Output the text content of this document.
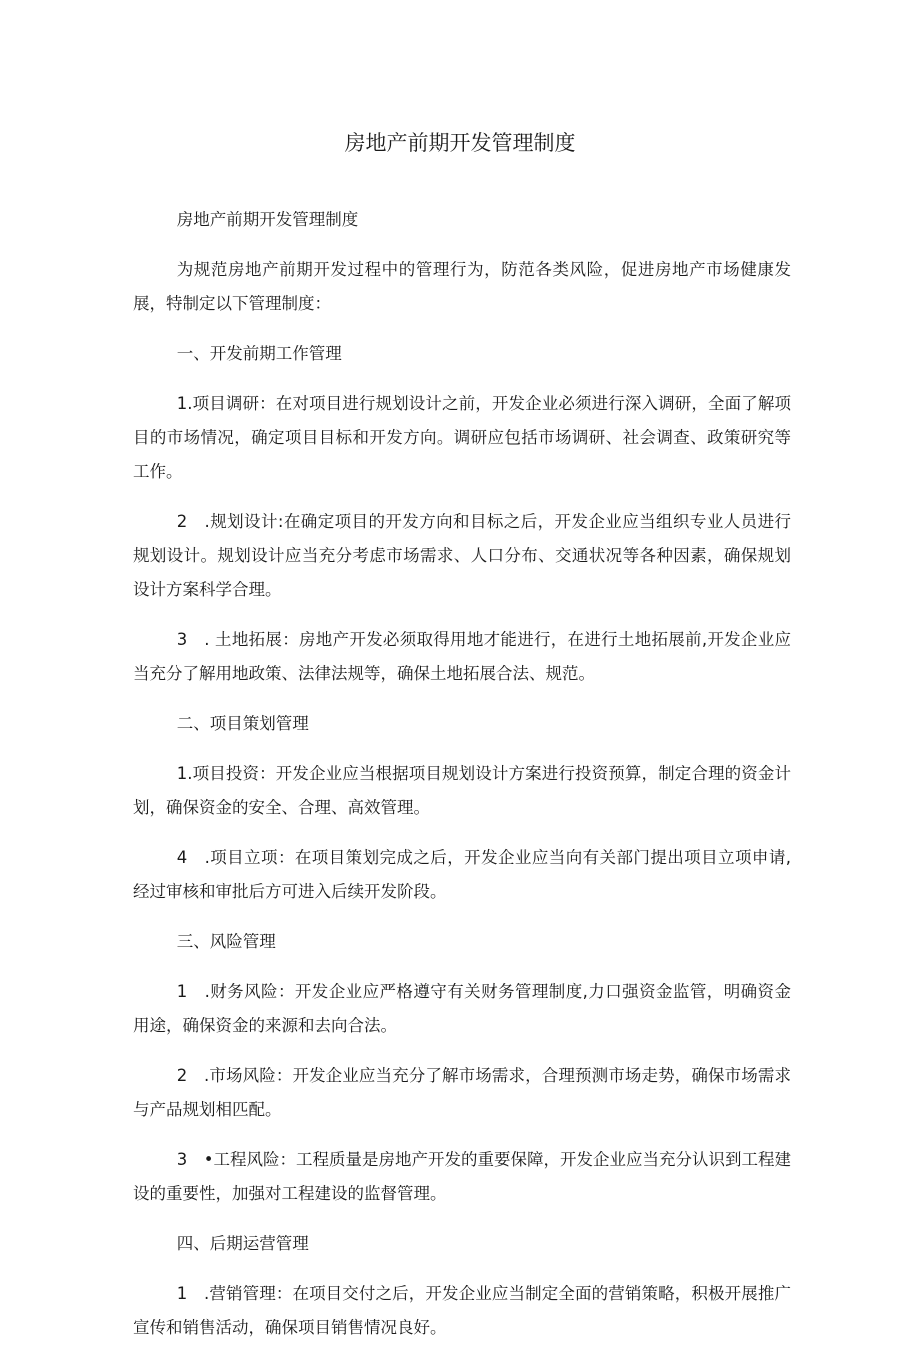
房地产前期开发管理制度

房地产前期开发管理制度

为规范房地产前期开发过程中的管理行为，防范各类风险，促进房地产市场健康发展，特制定以下管理制度：

一、开发前期工作管理

1.项目调研：在对项目进行规划设计之前，开发企业必须进行深入调研，全面了解项目的市场情况，确定项目目标和开发方向。调研应包括市场调研、社会调查、政策研究等工作。

2　.规划设计:在确定项目的开发方向和目标之后，开发企业应当组织专业人员进行规划设计。规划设计应当充分考虑市场需求、人口分布、交通状况等各种因素，确保规划设计方案科学合理。

3　. 土地拓展：房地产开发必须取得用地才能进行，在进行土地拓展前,开发企业应当充分了解用地政策、法律法规等，确保土地拓展合法、规范。

二、项目策划管理

1.项目投资：开发企业应当根据项目规划设计方案进行投资预算，制定合理的资金计划，确保资金的安全、合理、高效管理。

4　.项目立项：在项目策划完成之后，开发企业应当向有关部门提出项目立项申请,经过审核和审批后方可进入后续开发阶段。

三、风险管理

1　.财务风险：开发企业应严格遵守有关财务管理制度,力口强资金监管，明确资金用途，确保资金的来源和去向合法。

2　.市场风险：开发企业应当充分了解市场需求，合理预测市场走势，确保市场需求与产品规划相匹配。

3　•工程风险：工程质量是房地产开发的重要保障，开发企业应当充分认识到工程建设的重要性，加强对工程建设的监督管理。

四、后期运营管理

1　.营销管理：在项目交付之后，开发企业应当制定全面的营销策略，积极开展推广宣传和销售活动，确保项目销售情况良好。
